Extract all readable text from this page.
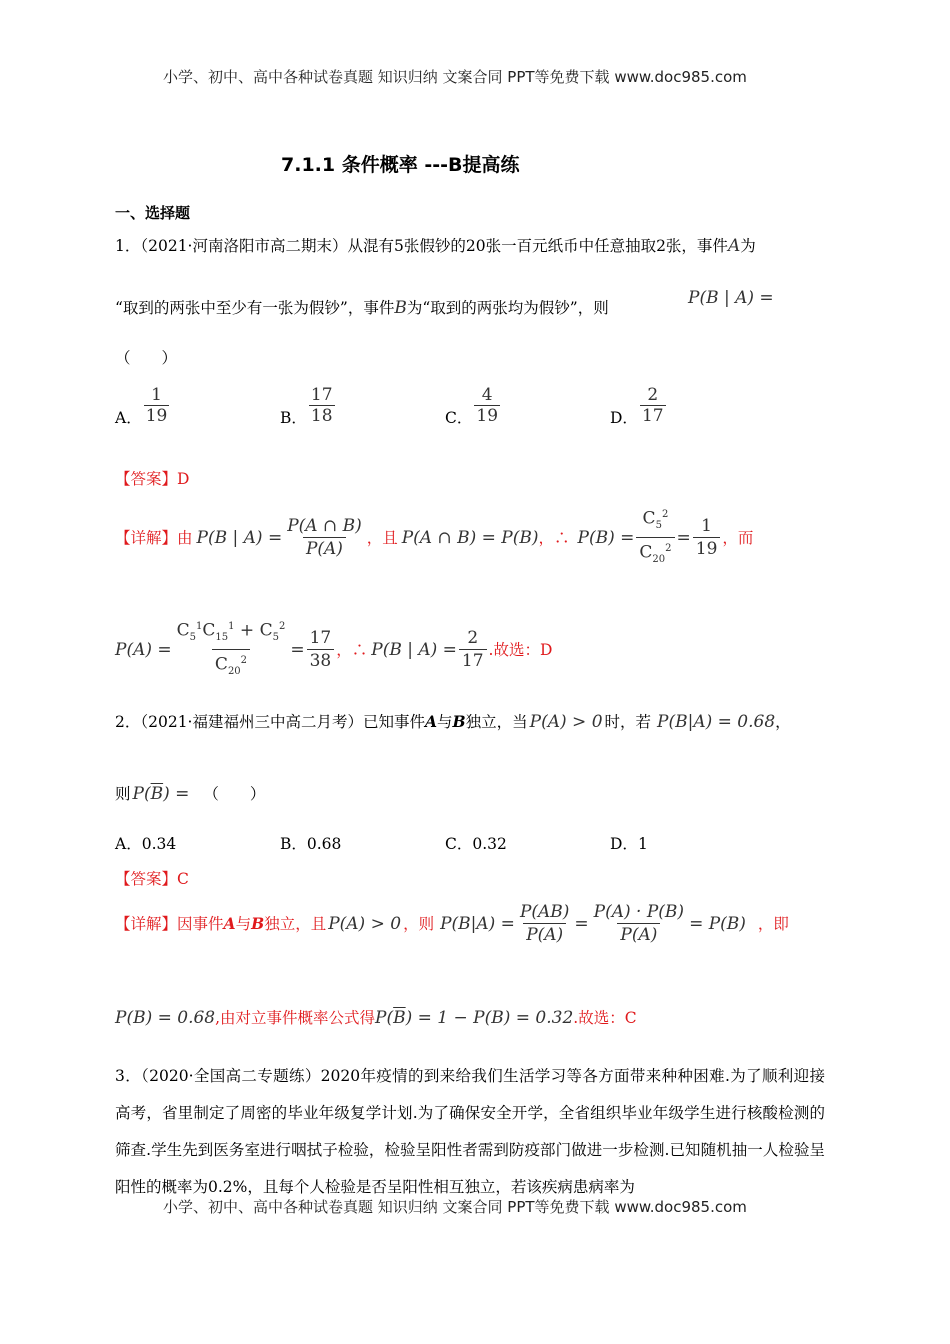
小学、初中、高中各种试卷真题 知识归纳 文案合同 PPT等免费下载 www.doc985.com
7.1.1 条件概率 ---B提高练
一、选择题
1．（2021·河南洛阳市高二期末）从混有5张假钞的20张一百元纸币中任意抽取2张，事件A为
“取到的两张中至少有一张为假钞”，事件B为“取到的两张均为假钞”，则	P(B | A) =
（　　）
A． $\frac{1}{19}$	B． $\frac{17}{18}$	C． $\frac{4}{19}$	D． $\frac{2}{17}$
【答案】D
【详解】 由 P(B | $A) = \frac{P(A \cap B)}{P(A)}$ ，且 P(A ∩ B) = P(B) ，∴ $P(B) = \frac{C_5^2}{C_{20}^2} = \frac{1}{19}$ ，而
$P(A) = \frac{C_5^1C_{15}^1 + C_5^2}{C_{20}^2} = \frac{17}{38}$ ，∴ P(B | $A) = \frac{2}{17}$ .故选：D
2．（2021·福建福州三中高二月考）已知事件 A 与 B 独立，当 P(A) > 0 时，若 P(B|A) = 0.68 ，
则 $P(\overline{B})$ = （　　）
A．0.34	B．0.68	C．0.32	D．1
【答案】C
【详解】 因事件 A 与 B 独立，且 P(A) > 0 ，则 $P(B|A) = \frac{P(AB)}{P(A)} = \frac{P(A) \cdot P(B)}{P(A)} = P(B)$ ，即
P(B) = 0.68 ,由对立事件概率公式得 $P(\overline{B}) = 1 - P(B) = 0.32$ .故选：C
3．（2020·全国高二专题练）2020年疫情的到来给我们生活学习等各方面带来种种困难.为了顺利迎接高考，省里制定了周密的毕业年级复学计划.为了确保安全开学，全省组织毕业年级学生进行核酸检测的筛查.学生先到医务室进行咽拭子检验，检验呈阳性者需到防疫部门做进一步检测.已知随机抽一人检验呈阳性的概率为0.2%，且每个人检验是否呈阳性相互独立，若该疾病患病率为
小学、初中、高中各种试卷真题 知识归纳 文案合同 PPT等免费下载 www.doc985.com
